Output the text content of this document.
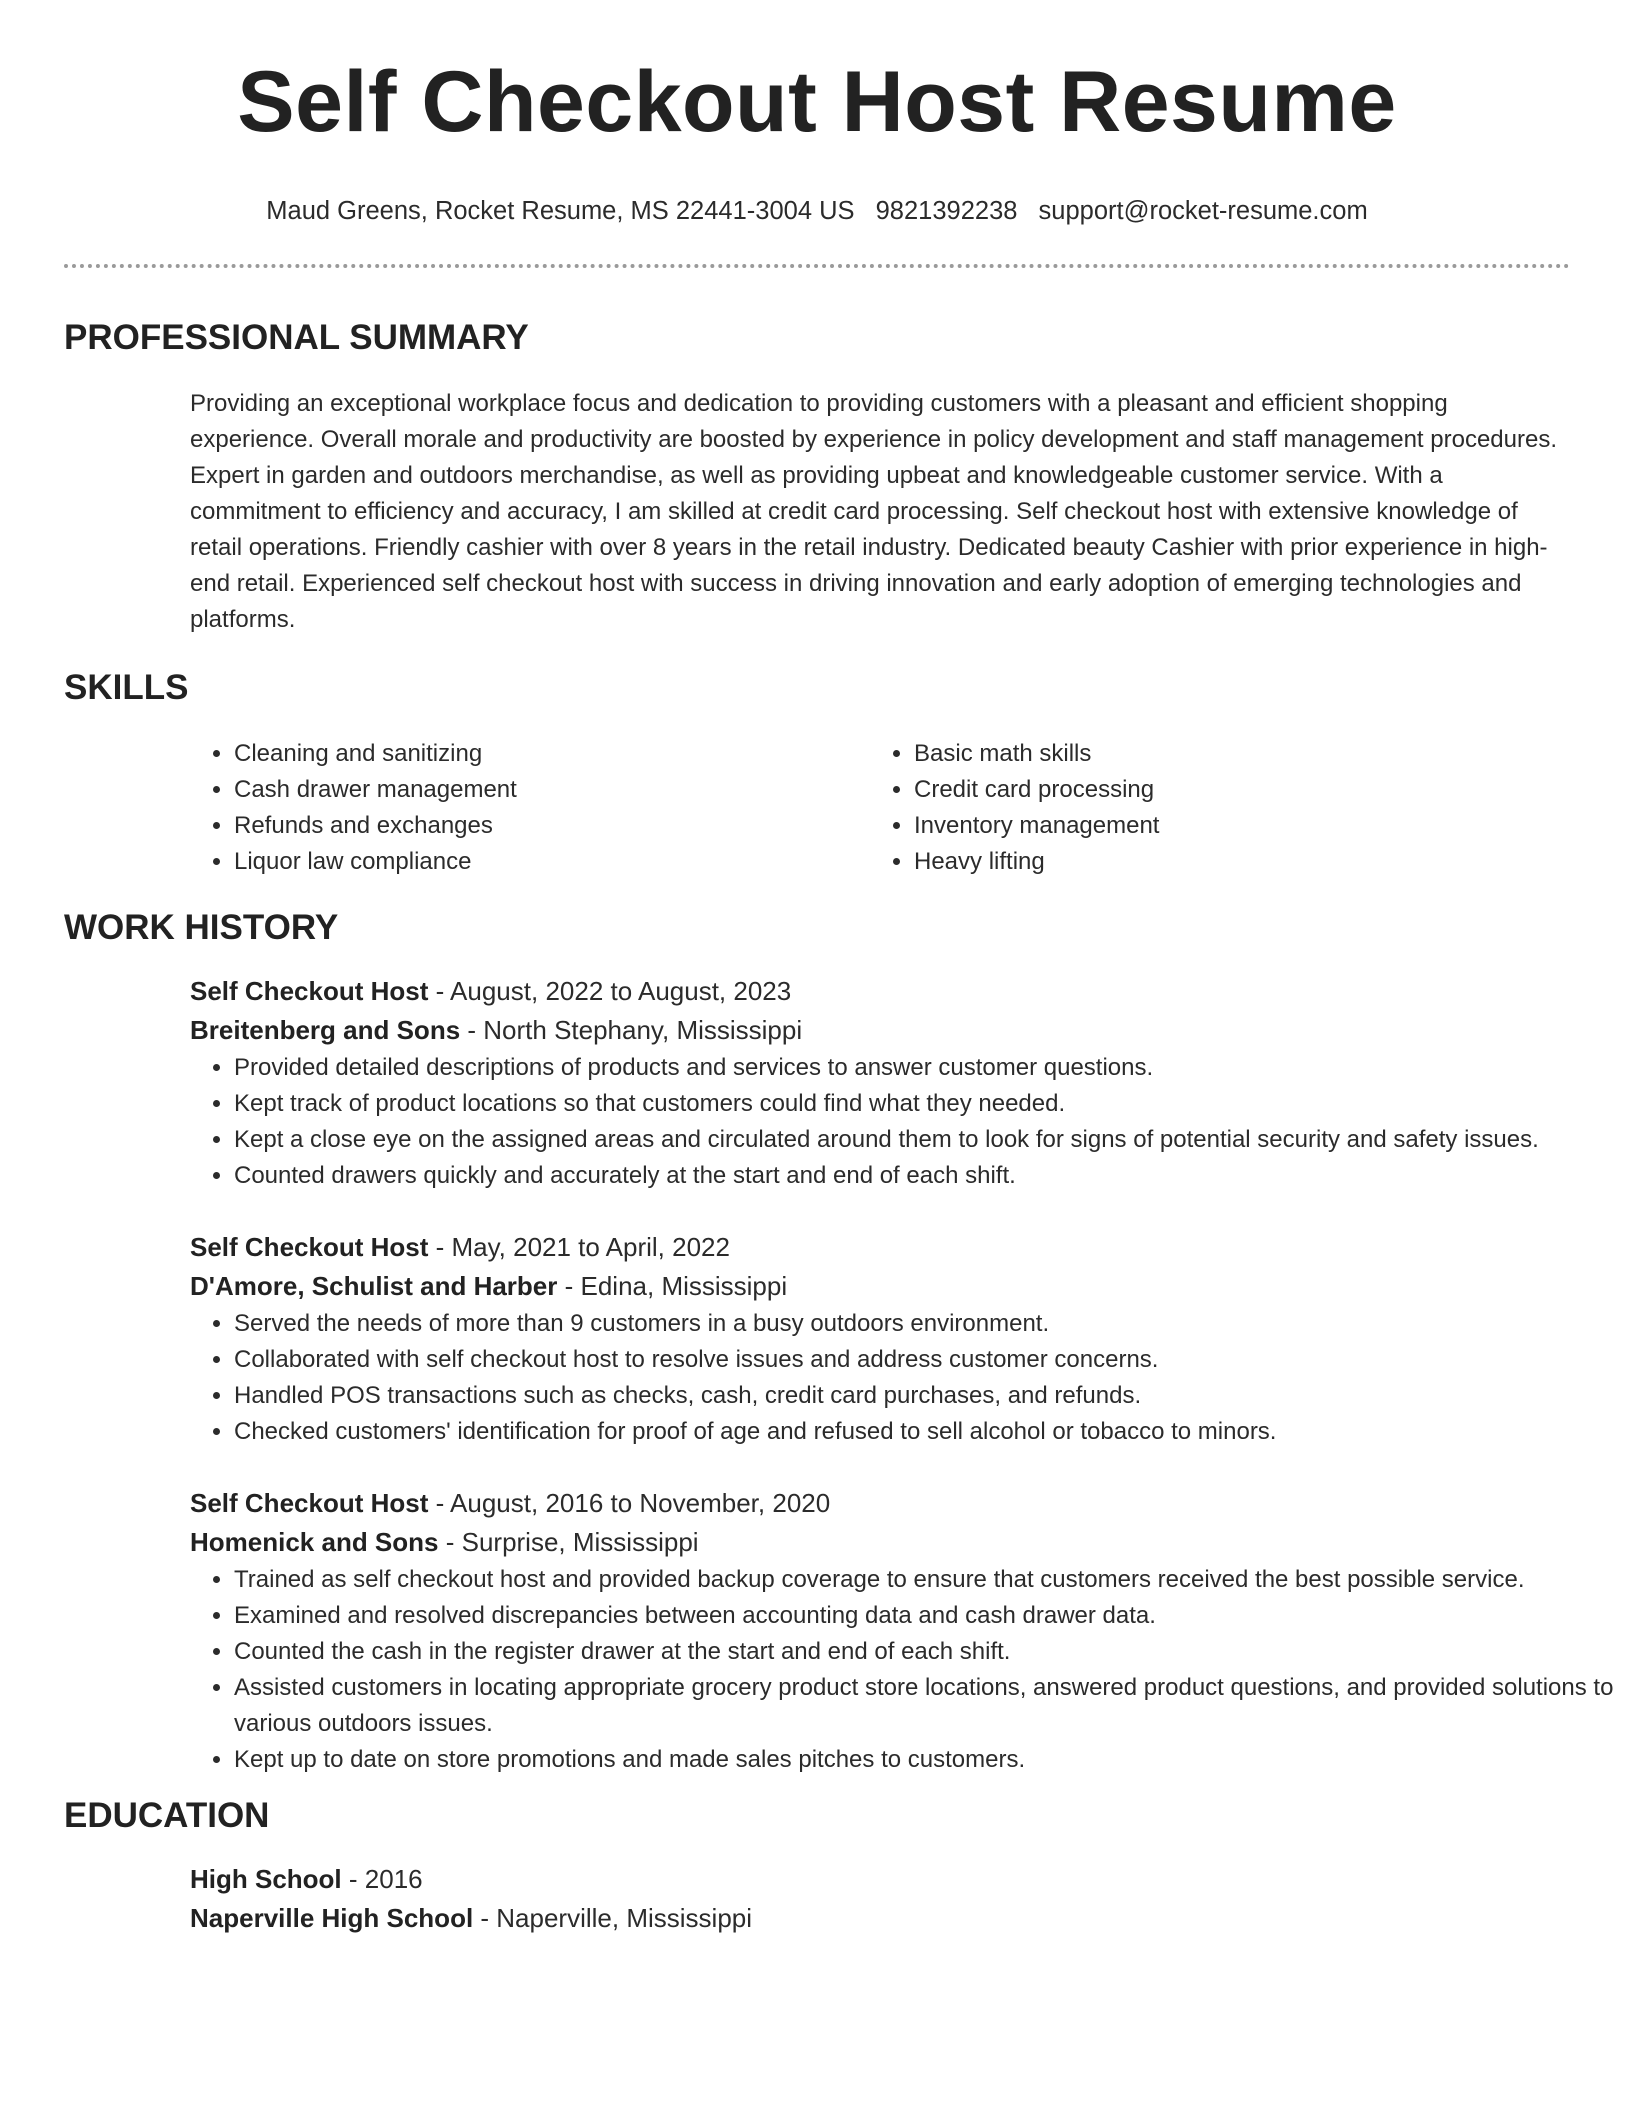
Self Checkout Host Resume
Maud Greens, Rocket Resume, MS 22441-3004 US 9821392238 support@rocket-resume.com
PROFESSIONAL SUMMARY

Providing an exceptional workplace focus and dedication to providing customers with a pleasant and efficient shopping experience. Overall morale and productivity are boosted by experience in policy development and staff management procedures. Expert in garden and outdoors merchandise, as well as providing upbeat and knowledgeable customer service. With a commitment to efficiency and accuracy, I am skilled at credit card processing. Self checkout host with extensive knowledge of retail operations. Friendly cashier with over 8 years in the retail industry. Dedicated beauty Cashier with prior experience in high-end retail. Experienced self checkout host with success in driving innovation and early adoption of emerging technologies and platforms.

SKILLS
• Cleaning and sanitizing
• Cash drawer management
• Refunds and exchanges
• Liquor law compliance
• Basic math skills
• Credit card processing
• Inventory management
• Heavy lifting
WORK HISTORY
Self Checkout Host - August, 2022 to August, 2023
Breitenberg and Sons - North Stephany, Mississippi
• Provided detailed descriptions of products and services to answer customer questions.
• Kept track of product locations so that customers could find what they needed.
• Kept a close eye on the assigned areas and circulated around them to look for signs of potential security and safety issues.
• Counted drawers quickly and accurately at the start and end of each shift.
Self Checkout Host - May, 2021 to April, 2022
D'Amore, Schulist and Harber - Edina, Mississippi
• Served the needs of more than 9 customers in a busy outdoors environment.
• Collaborated with self checkout host to resolve issues and address customer concerns.
• Handled POS transactions such as checks, cash, credit card purchases, and refunds.
• Checked customers' identification for proof of age and refused to sell alcohol or tobacco to minors.
Self Checkout Host - August, 2016 to November, 2020
Homenick and Sons - Surprise, Mississippi
• Trained as self checkout host and provided backup coverage to ensure that customers received the best possible service.
• Examined and resolved discrepancies between accounting data and cash drawer data.
• Counted the cash in the register drawer at the start and end of each shift.
• Assisted customers in locating appropriate grocery product store locations, answered product questions, and provided solutions to various outdoors issues.
• Kept up to date on store promotions and made sales pitches to customers.
EDUCATION
High School - 2016
Naperville High School - Naperville, Mississippi
